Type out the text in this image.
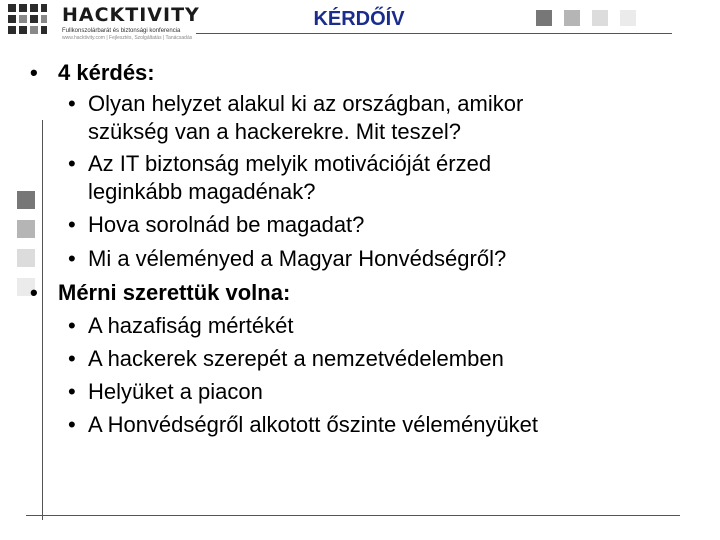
HACKTIVITY
Fullkonszolárbarát és biztonsági konferencia
www.hacktivity.com | Fejlesztés, Szolgáltatás | Tanácsadás
KÉRDŐÍV
• 4 kérdés:
• Olyan helyzet alakul ki az országban, amikor
szükség van a hackerekre. Mit teszel?
• Az IT biztonság melyik motivációját érzed
leginkább magadénak?
• Hova sorolnád be magadat?
• Mi a véleményed a Magyar Honvédségről?
• Mérni szerettük volna:
• A hazafiság mértékét
• A hackerek szerepét a nemzetvédelemben
• Helyüket a piacon
• A Honvédségről alkotott őszinte véleményüket
